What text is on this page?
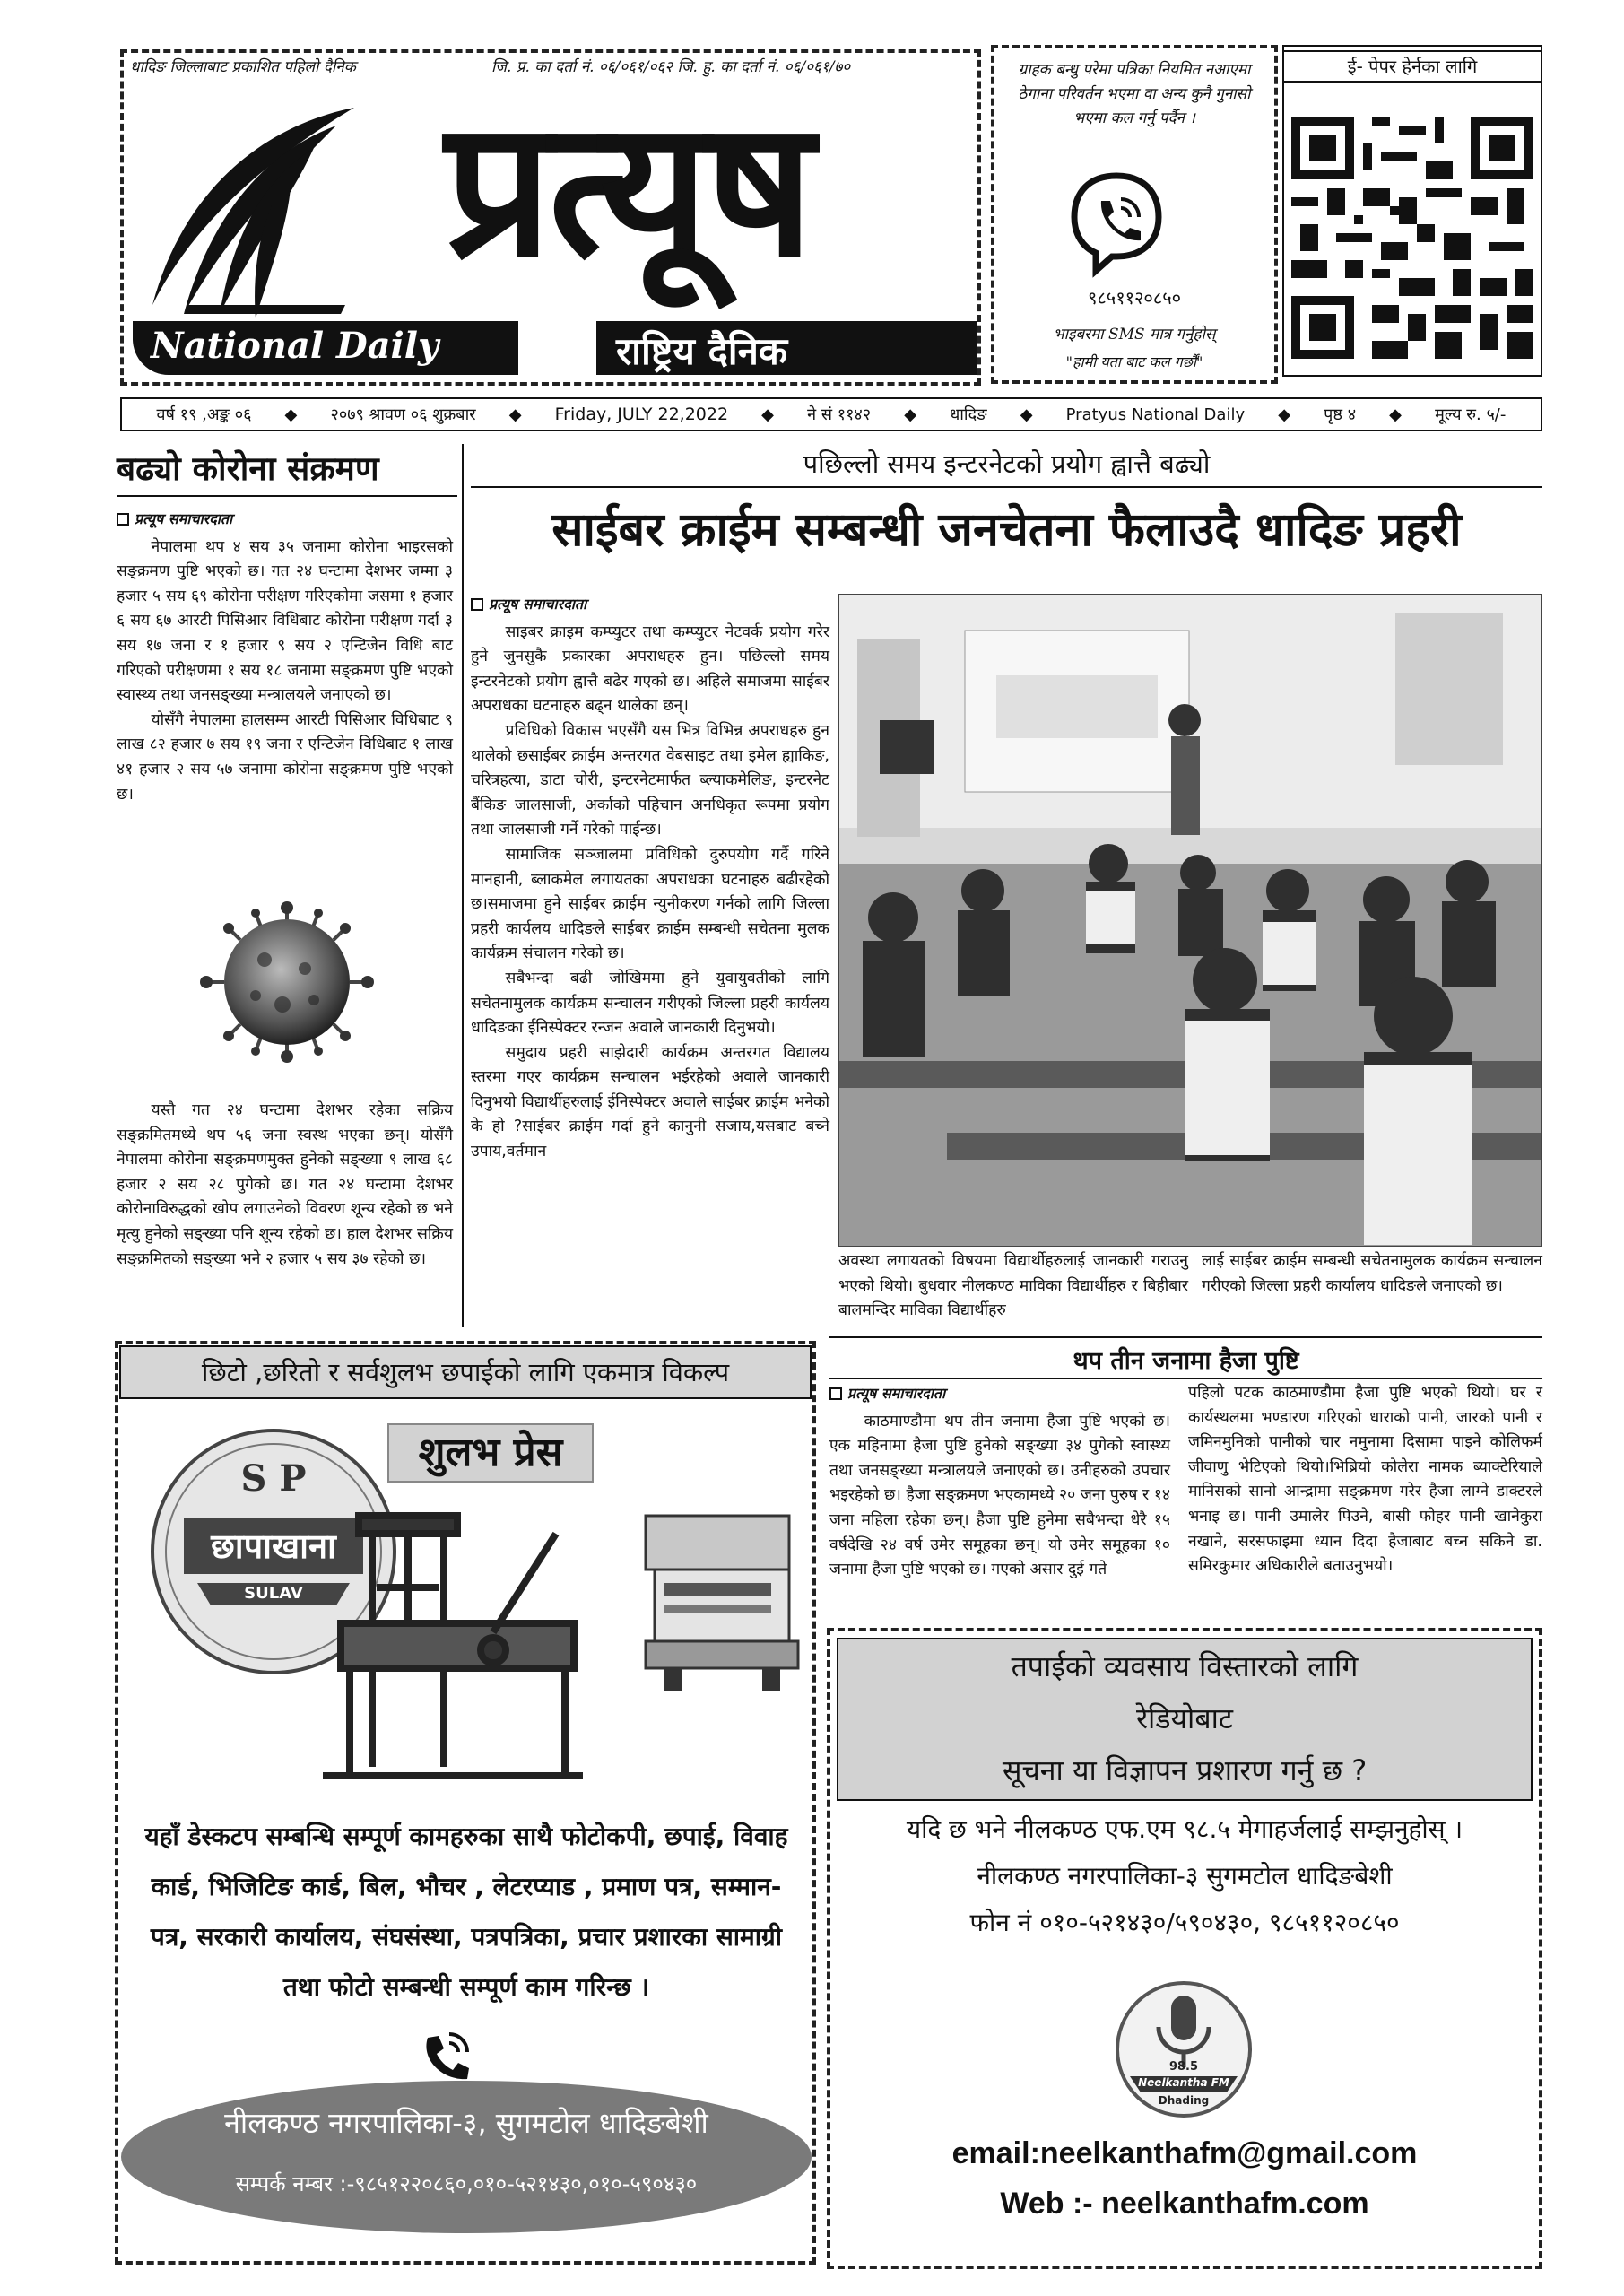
धादिङ जिल्लाबाट प्रकाशित पहिलो दैनिक	जि. प्र. का दर्ता नं. ०६/०६१/०६२ जि. हु. का दर्ता नं. ०६/०६१/७०
प्रत्यूष
National Daily	राष्ट्रिय दैनिक
ग्राहक बन्धु परेमा पत्रिका नियमित नआएमा ठेगाना परिवर्तन भएमा वा अन्य कुनै गुनासो भएमा कल गर्नु पर्दैन ।
९८५११२०८५०
भाइबरमा SMS मात्र गर्नुहोस्
"हामी यता बाट कल गर्छौं"
ई- पेपर हेर्नका लागि
वर्ष १९ ,अङ्क ०६ ◆ २०७९ श्रावण ०६ शुक्रबार ◆ Friday, JULY 22,2022 ◆ ने सं ११४२ ◆ धादिङ ◆ Pratyus National Daily ◆ पृष्ठ ४ ◆ मूल्य रु. ५/-
बढ्यो कोरोना संक्रमण
प्रत्यूष समाचारदाता

नेपालमा थप ४ सय ३५ जनामा कोरोना भाइरसको सङ्क्रमण पुष्टि भएको छ। गत २४ घन्टामा देशभर जम्मा ३ हजार ५ सय ६९ कोरोना परीक्षण गरिएकोमा जसमा १ हजार ६ सय ६७ आरटी पिसिआर विधिबाट कोरोना परीक्षण गर्दा ३ सय १७ जना र १ हजार ९ सय २ एन्टिजेन विधि बाट गरिएको परीक्षणमा १ सय १८ जनामा सङ्क्रमण पुष्टि भएको स्वास्थ्य तथा जनसङ्ख्या मन्त्रालयले जनाएको छ।

योसँगै नेपालमा हालसम्म आरटी पिसिआर विधिबाट ९ लाख ८२ हजार ७ सय १९ जना र एन्टिजेन विधिबाट १ लाख ४१ हजार २ सय ५७ जनामा कोरोना सङ्क्रमण पुष्टि भएको छ।

यस्तै गत २४ घन्टामा देशभर रहेका सक्रिय सङ्क्रमितमध्ये थप ५६ जना स्वस्थ भएका छन्। योसँगै नेपालमा कोरोना सङ्क्रमणमुक्त हुनेको सङ्ख्या ९ लाख ६८ हजार २ सय २८ पुगेको छ। गत २४ घन्टामा देशभर कोरोनाविरुद्धको खोप लगाउनेको विवरण शून्य रहेको छ भने मृत्यु हुनेको सङ्ख्या पनि शून्य रहेको छ। हाल देशभर सक्रिय सङ्क्रमितको सङ्ख्या भने २ हजार ५ सय ३७ रहेको छ।

पछिल्लो समय इन्टरनेटको प्रयोग ह्वात्तै बढ्यो
साईबर क्राईम सम्बन्धी जनचेतना फैलाउदै धादिङ प्रहरी
प्रत्यूष समाचारदाता

साइबर क्राइम कम्प्युटर तथा कम्प्युटर नेटवर्क प्रयोग गरेर हुने जुनसुकै प्रकारका अपराधहरु हुन। पछिल्लो समय इन्टरनेटको प्रयोग ह्वात्तै बढेर गएको छ। अहिले समाजमा साईबर अपराधका घटनाहरु बढ्न थालेका छन्।

प्रविधिको विकास भएसँगै यस भित्र विभिन्न अपराधहरु हुन थालेको छसाईबर क्राईम अन्तरगत वेबसाइट तथा इमेल ह्याकिङ, चरित्रहत्या, डाटा चोरी, इन्टरनेटमार्फत ब्ल्याकमेलिङ, इन्टरनेट बैंकिङ जालसाजी, अर्काको पहिचान अनधिकृत रूपमा प्रयोग तथा जालसाजी गर्ने गरेको पाईन्छ।

सामाजिक सञ्जालमा प्रविधिको दुरुपयोग गर्दै गरिने मानहानी, ब्लाकमेल लगायतका अपराधका घटनाहरु बढीरहेको छ।समाजमा हुने साईबर क्राईम न्युनीकरण गर्नको लागि जिल्ला प्रहरी कार्यलय धादिङले साईबर क्राईम सम्बन्धी सचेतना मुलक कार्यक्रम संचालन गरेको छ।

सबैभन्दा बढी जोखिममा हुने युवायुवतीको लागि सचेतनामुलक कार्यक्रम सन्चालन गरीएको जिल्ला प्रहरी कार्यलय धादिङका ईनिस्पेक्टर रन्जन अवाले जानकारी दिनुभयो।

समुदाय प्रहरी साझेदारी कार्यक्रम अन्तरगत विद्यालय स्तरमा गएर कार्यक्रम सन्चालन भईरहेको अवाले जानकारी दिनुभयो विद्यार्थीहरुलाई ईनिस्पेक्टर अवाले साईबर क्राईम भनेको के हो ?साईबर क्राईम गर्दा हुने कानुनी सजाय,यसबाट बच्ने उपाय,वर्तमान

अवस्था लगायतको विषयमा विद्यार्थीहरुलाई जानकारी गराउनु भएको थियो। बुधवार नीलकण्ठ माविका विद्यार्थीहरु र बिहीबार बालमन्दिर माविका विद्यार्थीहरु
लाई साईबर क्राईम सम्बन्धी सचेतनामुलक कार्यक्रम सन्चालन गरीएको जिल्ला प्रहरी कार्यालय धादिङले जनाएको छ।
छिटो ,छरितो र सर्वशुलभ छपाईको लागि एकमात्र विकल्प
S P
छापाखाना
SULAV
शुलभ प्रेस
यहाँ डेस्कटप सम्बन्धि सम्पूर्ण कामहरुका साथै फोटोकपी, छपाई, विवाह कार्ड, भिजिटिङ कार्ड, बिल, भौचर , लेटरप्याड , प्रमाण पत्र, सम्मान-पत्र, सरकारी कार्यालय, संघसंस्था, पत्रपत्रिका, प्रचार प्रशारका सामाग्री तथा फोटो सम्बन्धी सम्पूर्ण काम गरिन्छ ।
नीलकण्ठ नगरपालिका-३, सुगमटोल धादिङबेशी
सम्पर्क नम्बर :-९८५१२२०८६०,०१०-५२१४३०,०१०-५९०४३०
थप तीन जनामा हैजा पुष्टि
प्रत्यूष समाचारदाता

काठमाण्डौमा थप तीन जनामा हैजा पुष्टि भएको छ। एक महिनामा हैजा पुष्टि हुनेको सङ्ख्या ३४ पुगेको स्वास्थ्य तथा जनसङ्ख्या मन्त्रालयले जनाएको छ। उनीहरुको उपचार भइरहेको छ। हैजा सङ्क्रमण भएकामध्ये २० जना पुरुष र १४ जना महिला रहेका छन्। हैजा पुष्टि हुनेमा सबैभन्दा धेरै १५ वर्षदेखि २४ वर्ष उमेर समूहका छन्। यो उमेर समूहका १० जनामा हैजा पुष्टि भएको छ। गएको असार दुई गते

पहिलो पटक काठमाण्डौमा हैजा पुष्टि भएको थियो। घर र कार्यस्थलमा भण्डारण गरिएको धाराको पानी, जारको पानी र जमिनमुनिको पानीको चार नमुनामा दिसामा पाइने कोलिफर्म जीवाणु भेटिएको थियो।भिब्रियो कोलेरा नामक ब्याक्टेरियाले मानिसको सानो आन्द्रामा सङ्क्रमण गरेर हैजा लाग्ने डाक्टरले भनाइ छ। पानी उमालेर पिउने, बासी फोहर पानी खानेकुरा नखाने, सरसफाइमा ध्यान दिदा हैजाबाट बच्न सकिने डा. समिरकुमार अधिकारीले बताउनुभयो।
तपाईको व्यवसाय विस्तारको लागि
रेडियोबाट
सूचना या विज्ञापन प्रशारण गर्नु छ ?
यदि छ भने नीलकण्ठ एफ.एम ९८.५ मेगाहर्जलाई सम्झनुहोस् ।
नीलकण्ठ नगरपालिका-३ सुगमटोल धादिङबेशी
फोन नं ०१०-५२१४३०/५९०४३०, ९८५११२०८५०
98.5
Neelkantha FM
Dhading
email:neelkanthafm@gmail.com
Web :- neelkanthafm.com
